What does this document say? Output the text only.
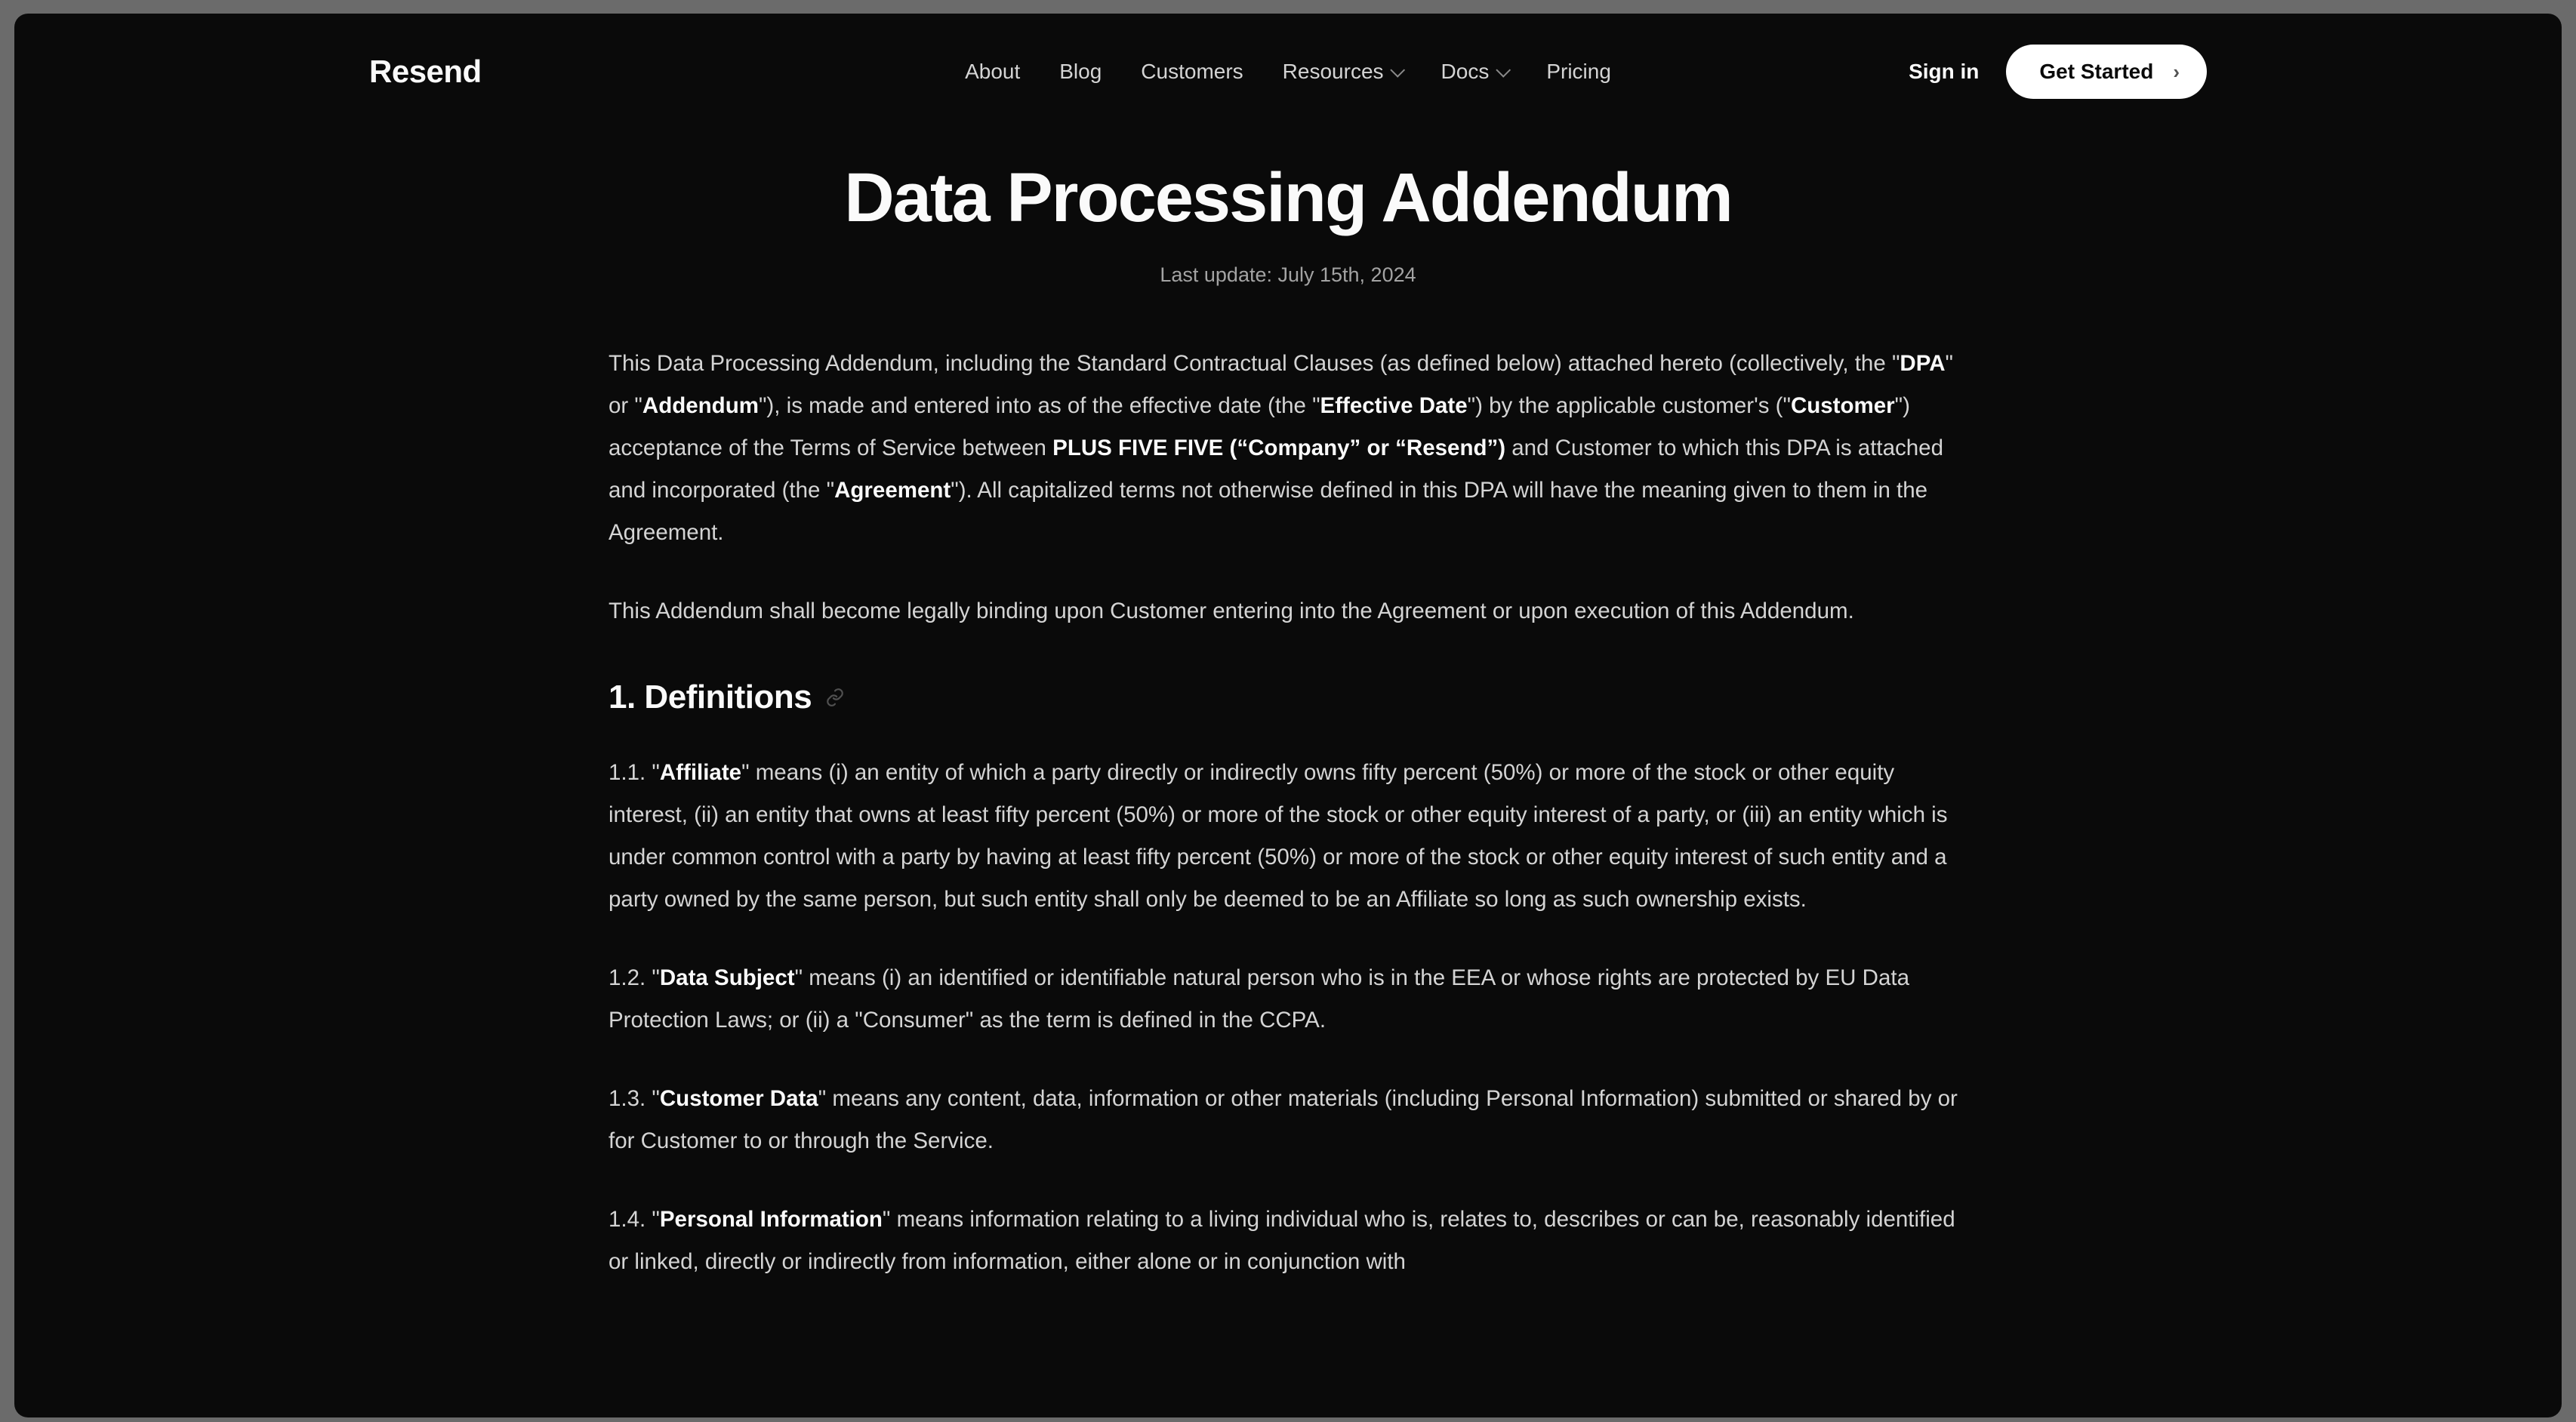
Resend	About Blog Customers Resources	Docs	Pricing	Sign in	Get Started ›
Data Processing Addendum
Last update: July 15th, 2024

This Data Processing Addendum, including the Standard Contractual Clauses (as defined below) attached hereto (collectively, the "DPA" or "Addendum"), is made and entered into as of the effective date (the "Effective Date") by the applicable customer's ("Customer") acceptance of the Terms of Service between PLUS FIVE FIVE (“Company” or “Resend”) and Customer to which this DPA is attached and incorporated (the "Agreement"). All capitalized terms not otherwise defined in this DPA will have the meaning given to them in the Agreement.

This Addendum shall become legally binding upon Customer entering into the Agreement or upon execution of this Addendum.

1. Definitions

1.1. "Affiliate" means (i) an entity of which a party directly or indirectly owns fifty percent (50%) or more of the stock or other equity interest, (ii) an entity that owns at least fifty percent (50%) or more of the stock or other equity interest of a party, or (iii) an entity which is under common control with a party by having at least fifty percent (50%) or more of the stock or other equity interest of such entity and a party owned by the same person, but such entity shall only be deemed to be an Affiliate so long as such ownership exists.

1.2. "Data Subject" means (i) an identified or identifiable natural person who is in the EEA or whose rights are protected by EU Data Protection Laws; or (ii) a "Consumer" as the term is defined in the CCPA.

1.3. "Customer Data" means any content, data, information or other materials (including Personal Information) submitted or shared by or for Customer to or through the Service.

1.4. "Personal Information" means information relating to a living individual who is, relates to, describes or can be, reasonably identified or linked, directly or indirectly from information, either alone or in conjunction with
